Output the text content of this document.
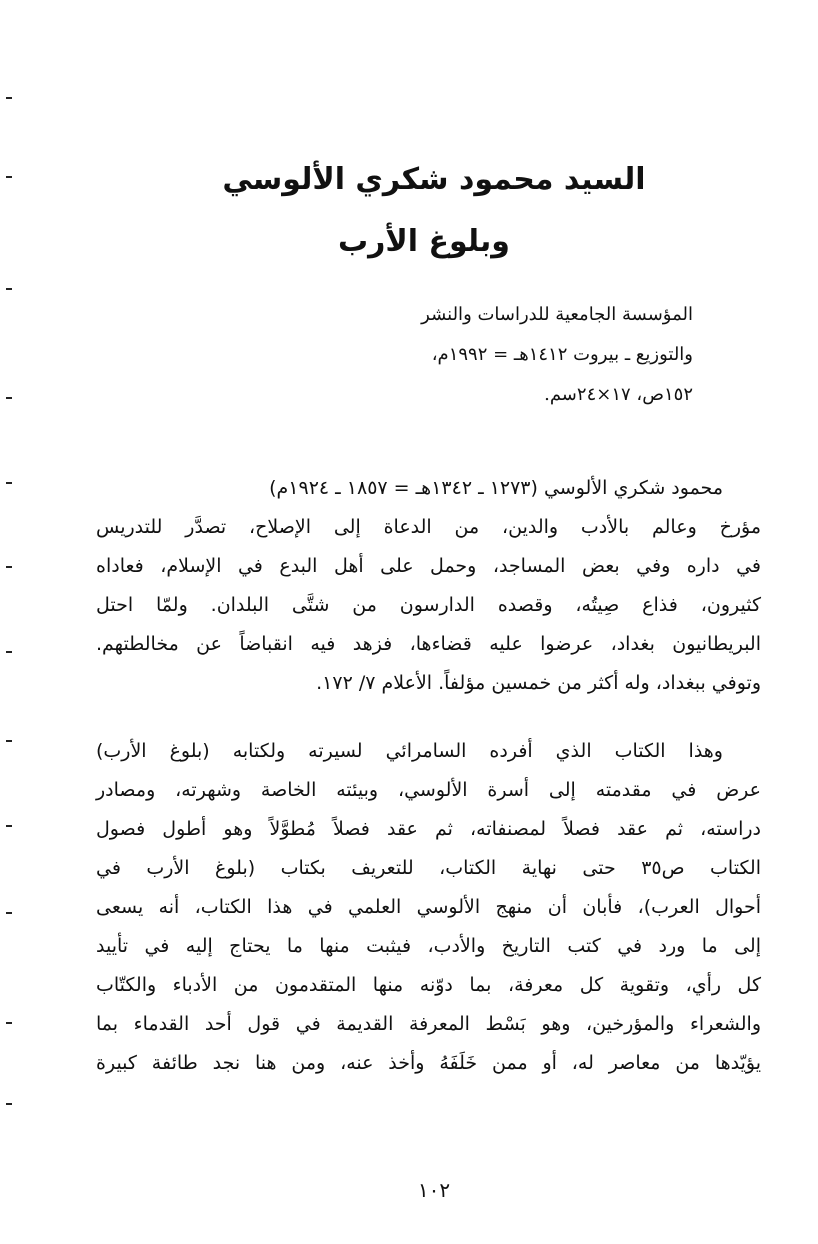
السيد محمود شكري الألوسي
وبلوغ الأرب
المؤسسة الجامعية للدراسات والنشر
والتوزيع ـ بيروت ١٤١٢هـ = ١٩٩٢م،
١٥٢ص، ١٧×٢٤سم.
محمود شكري الألوسي (١٢٧٣ ـ ١٣٤٢هـ = ١٨٥٧ ـ ١٩٢٤م)
مؤرخ وعالم بالأدب والدين، من الدعاة إلى الإصلاح، تصدَّر للتدريس
في داره وفي بعض المساجد، وحمل على أهل البدع في الإسلام، فعاداه
كثيرون، فذاع صِيتُه، وقصده الدارسون من شتَّى البلدان. ولمّا احتل
البريطانيون بغداد، عرضوا عليه قضاءها، فزهد فيه انقباضاً عن مخالطتهم.
وتوفي ببغداد، وله أكثر من خمسين مؤلفاً. الأعلام ٧/ ١٧٢.
وهذا الكتاب الذي أفرده السامرائي لسيرته ولكتابه (بلوغ الأرب)
عرض في مقدمته إلى أسرة الألوسي، وبيئته الخاصة وشهرته، ومصادر
دراسته، ثم عقد فصلاً لمصنفاته، ثم عقد فصلاً مُطوَّلاً وهو أطول فصول
الكتاب ص٣٥ حتى نهاية الكتاب، للتعريف بكتاب (بلوغ الأرب في
أحوال العرب)، فأبان أن منهج الألوسي العلمي في هذا الكتاب، أنه يسعى
إلى ما ورد في كتب التاريخ والأدب، فيثبت منها ما يحتاج إليه في تأييد
كل رأي، وتقوية كل معرفة، بما دوّنه منها المتقدمون من الأدباء والكتّاب
والشعراء والمؤرخين، وهو بَسْط المعرفة القديمة في قول أحد القدماء بما
يؤيّدها من معاصر له، أو ممن خَلَفَهُ وأخذ عنه، ومن هنا نجد طائفة كبيرة
١٠٢
